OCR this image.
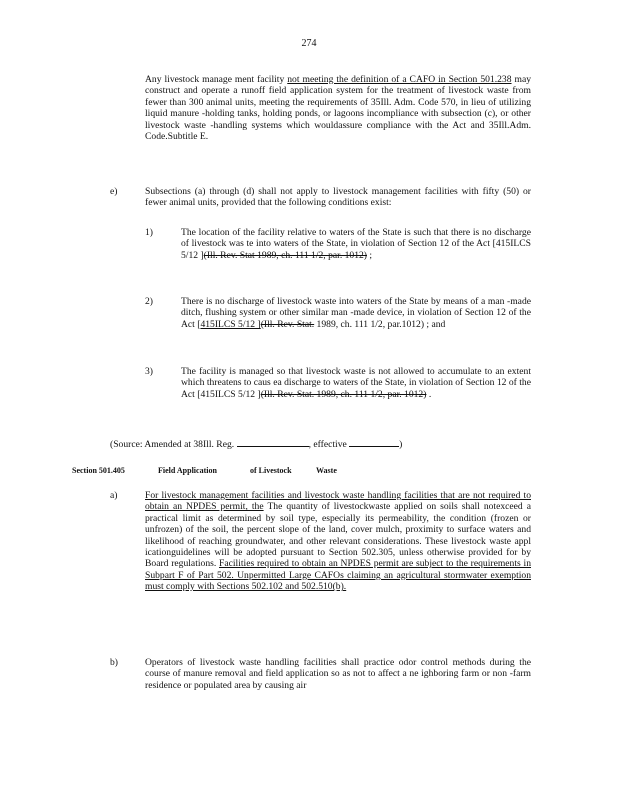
274

Any livestock manage ment facility not meeting the definition of a CAFO in Section 501.238 may construct and operate a runoff field application system for the treatment of livestock waste from fewer than 300 animal units, meeting the requirements of 35Ill. Adm. Code 570, in lieu of utilizing liquid manure -holding tanks, holding ponds, or lagoons incompliance with subsection (c), or other livestock waste -handling systems which wouldassure compliance with the Act and 35Ill.Adm. Code.Subtitle E.

e)	Subsections (a) through (d) shall not apply to livestock management facilities with fifty (50) or fewer animal units, provided that the following conditions exist:

1)	The location of the facility relative to waters of the State is such that there is no discharge of livestock was te into waters of the State, in violation of Section 12 of the Act [415ILCS 5/12 ](Ill. Rev. Stat 1989, ch. 111 1/2, par. 1012) ;

2)	There is no discharge of livestock waste into waters of the State by means of a man -made ditch, flushing system or other similar man -made device, in violation of Section 12 of the Act [415ILCS 5/12 ](Ill. Rev. Stat. 1989, ch. 111 1/2, par.1012) ; and

3)	The facility is managed so that livestock waste is not allowed to accumulate to an extent which threatens to caus ea discharge to waters of the State, in violation of Section 12 of the Act [415ILCS 5/12 ](Ill. Rev. Stat. 1989, ch. 111 1/2, par. 1012) .

(Source: Amended at 38Ill. Reg.	, effective	)
Section 501.405	Field Application	of Livestock	Waste

a)	For livestock management facilities and livestock waste handling facilities that are not required to obtain an NPDES permit, the The quantity of livestockwaste applied on soils shall notexceed a practical limit as determined by soil type, especially its permeability, the condition (frozen or unfrozen) of the soil, the percent slope of the land, cover mulch, proximity to surface waters and likelihood of reaching groundwater, and other relevant considerations. These livestock waste appl icationguidelines will be adopted pursuant to Section 502.305, unless otherwise provided for by Board regulations. Facilities required to obtain an NPDES permit are subject to the requirements in Subpart F of Part 502. Unpermitted Large CAFOs claiming an agricultural stormwater exemption must comply with Sections 502.102 and 502.510(b).

b)	Operators of livestock waste handling facilities shall practice odor control methods during the course of manure removal and field application so as not to affect a ne ighboring farm or non -farm residence or populated area by causing air
